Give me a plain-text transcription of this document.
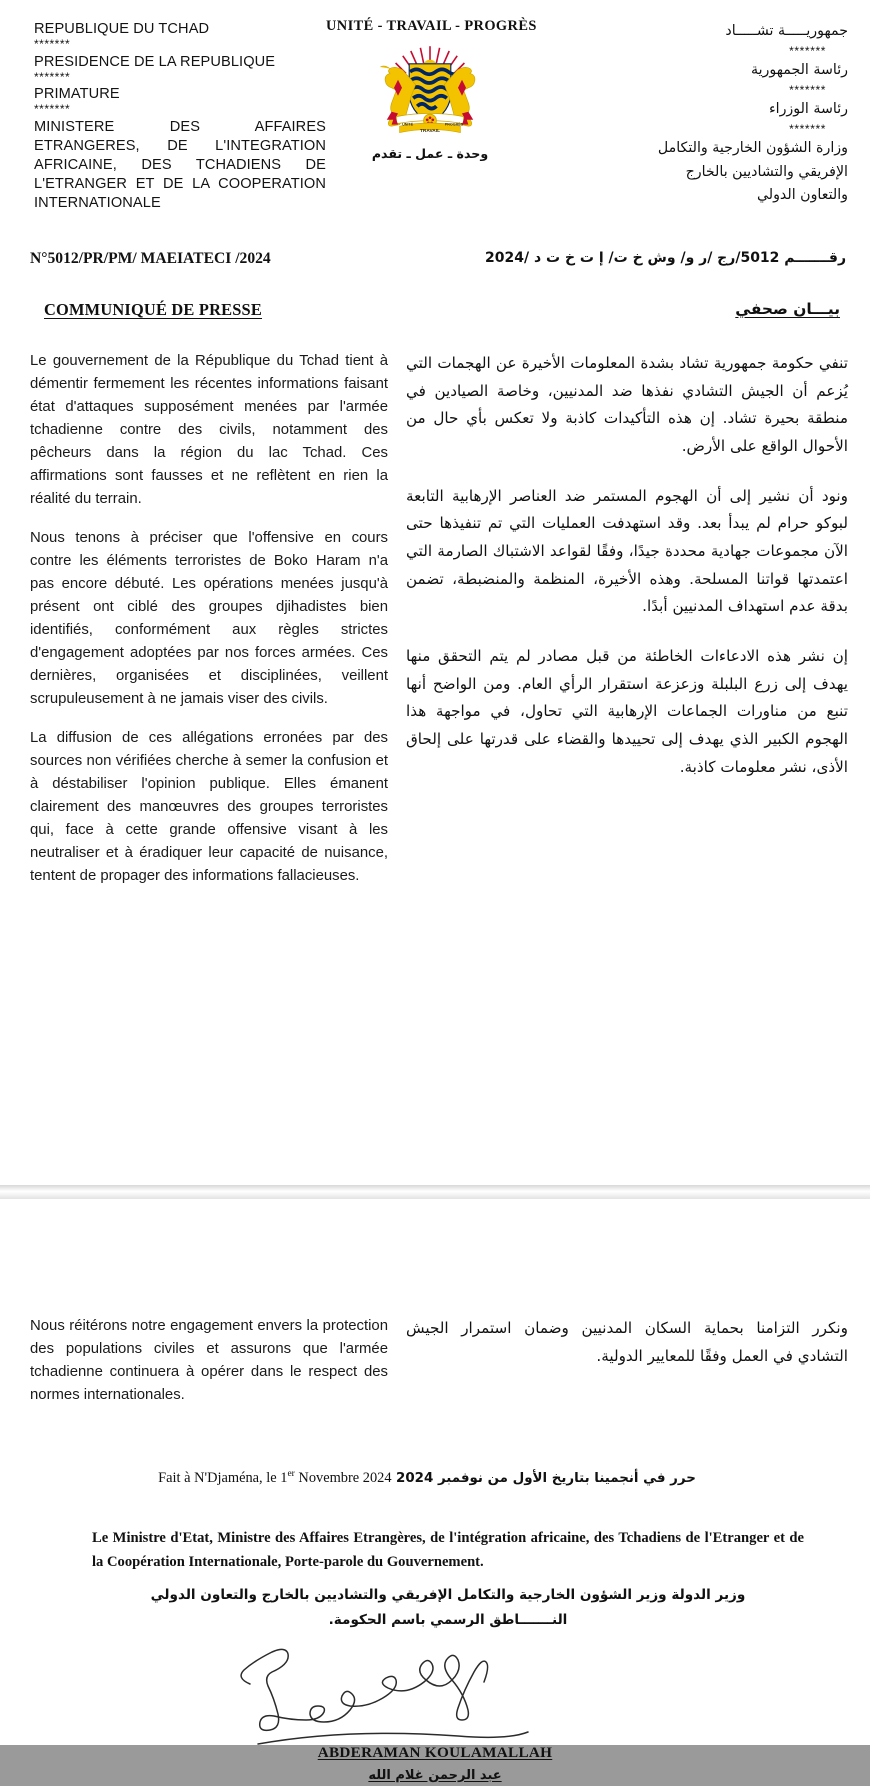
REPUBLIQUE DU TCHAD
*******
PRESIDENCE DE LA REPUBLIQUE
*******
PRIMATURE
*******
MINISTERE DES AFFAIRES ETRANGERES, DE L'INTEGRATION AFRICAINE, DES TCHADIENS DE L'ETRANGER ET DE LA COOPERATION INTERNATIONALE
UNITÉ - TRAVAIL - PROGRÈS
TRAVAIL
UNITÉ	PROGRÈS
وحدة ـ عمل ـ تقدم
جمهوريـــــة تشـــــاد
*******
رئاسة الجمهورية
*******
رئاسة الوزراء
*******
وزارة الشؤون الخارجية والتكامل
الإفريقي والتشاديين بالخارج
والتعاون الدولي
N°5012/PR/PM/ MAEIATECI /2024	رقـــــــم 5012/رج /ر و/ وش خ ت/ إ ت خ ت د /2024
COMMUNIQUÉ DE PRESSE	بيـــان صحفي

Le gouvernement de la République du Tchad tient à démentir fermement les récentes informations faisant état d'attaques supposément menées par l'armée tchadienne contre des civils, notamment des pêcheurs dans la région du lac Tchad. Ces affirmations sont fausses et ne reflètent en rien la réalité du terrain.

Nous tenons à préciser que l'offensive en cours contre les éléments terroristes de Boko Haram n'a pas encore débuté. Les opérations menées jusqu'à présent ont ciblé des groupes djihadistes bien identifiés, conformément aux règles strictes d'engagement adoptées par nos forces armées. Ces dernières, organisées et disciplinées, veillent scrupuleusement à ne jamais viser des civils.

La diffusion de ces allégations erronées par des sources non vérifiées cherche à semer la confusion et à déstabiliser l'opinion publique. Elles émanent clairement des manœuvres des groupes terroristes qui, face à cette grande offensive visant à les neutraliser et à éradiquer leur capacité de nuisance, tentent de propager des informations fallacieuses.

تنفي حكومة جمهورية تشاد بشدة المعلومات الأخيرة عن الهجمات التي يُزعم أن الجيش التشادي نفذها ضد المدنيين، وخاصة الصيادين في منطقة بحيرة تشاد. إن هذه التأكيدات كاذبة ولا تعكس بأي حال من الأحوال الواقع على الأرض.

ونود أن نشير إلى أن الهجوم المستمر ضد العناصر الإرهابية التابعة لبوكو حرام لم يبدأ بعد. وقد استهدفت العمليات التي تم تنفيذها حتى الآن مجموعات جهادية محددة جيدًا، وفقًا لقواعد الاشتباك الصارمة التي اعتمدتها قواتنا المسلحة. وهذه الأخيرة، المنظمة والمنضبطة، تضمن بدقة عدم استهداف المدنيين أبدًا.

إن نشر هذه الادعاءات الخاطئة من قبل مصادر لم يتم التحقق منها يهدف إلى زرع البلبلة وزعزعة استقرار الرأي العام. ومن الواضح أنها تنبع من مناورات الجماعات الإرهابية التي تحاول، في مواجهة هذا الهجوم الكبير الذي يهدف إلى تحييدها والقضاء على قدرتها على إلحاق الأذى، نشر معلومات كاذبة.

Nous réitérons notre engagement envers la protection des populations civiles et assurons que l'armée tchadienne continuera à opérer dans le respect des normes internationales.
ونكرر التزامنا بحماية السكان المدنيين وضمان استمرار الجيش التشادي في العمل وفقًا للمعايير الدولية.
Fait à N'Djaména, le 1er Novembre 2024 حرر في أنجمينا بتاريخ الأول من نوفمبر 2024
Le Ministre d'Etat, Ministre des Affaires Etrangères, de l'intégration africaine, des Tchadiens de l'Etranger et de la Coopération Internationale, Porte-parole du Gouvernement.
وزير الدولة وزير الشؤون الخارجية والتكامل الإفريقي والتشاديين بالخارج والتعاون الدولي
النـــــــاطق الرسمي باسم الحكومة.
ABDERAMAN KOULAMALLAH
عبد الرحمن غلام الله
